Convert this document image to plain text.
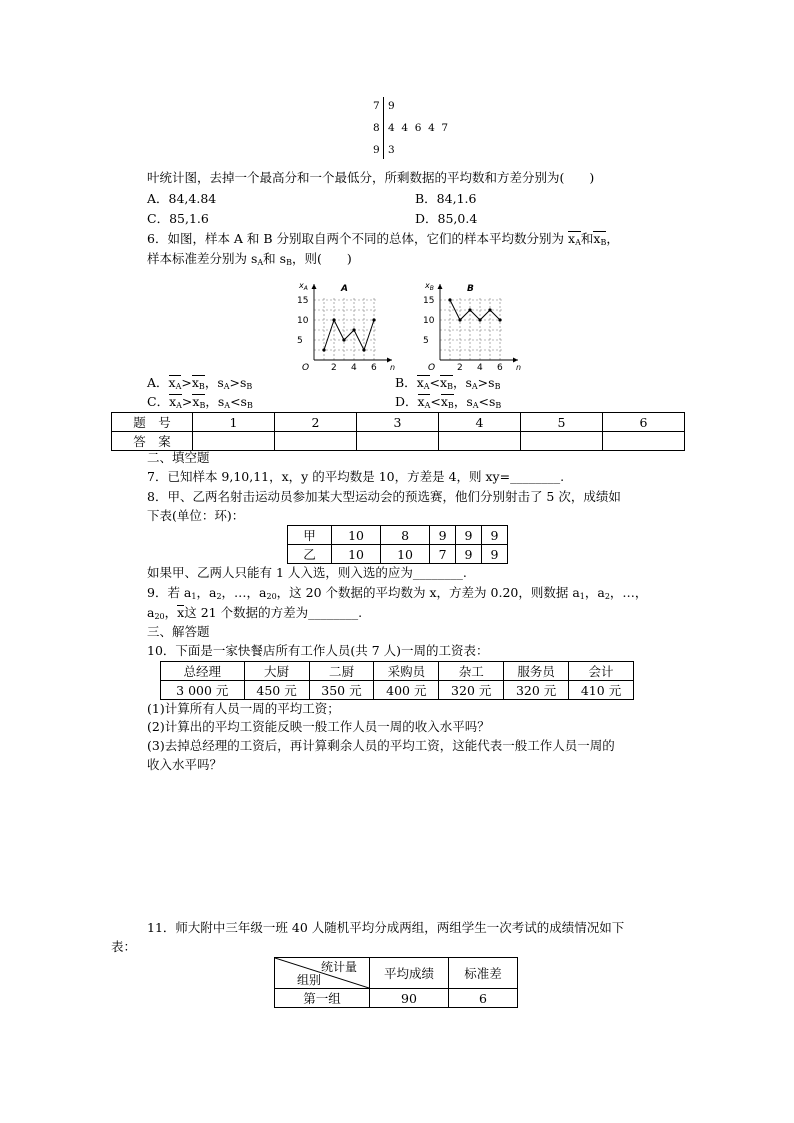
7 9
8 4  4  6  4  7
9 3
叶统计图，去掉一个最高分和一个最低分，所剩数据的平均数和方差分别为(　　)
A．84,4.84	B．84,1.6
C．85,1.6	D．85,0.4
6．如图，样本 A 和 B 分别取自两个不同的总体，它们的样本平均数分别为 $x_A$和$x_B$，
样本标准差分别为 $s_A$和 $s_B$，则(　　)
O	n
$x_A$	A
2 4 6
5
10
15
O	n
$x_B$	B
2 4 6
5
10
15
A．$x_A>x_B$，$s_A>s_B$	B．$x_A<x_B$，$s_A>s_B$
C．$x_A>x_B$，$s_A<s_B$	D．$x_A<x_B$，$s_A<s_B$
题　号	1	2	3	4	5	6
答　案						
二、填空题
7．已知样本 9,10,11，x，y 的平均数是 10，方差是 4，则 xy=________.
8．甲、乙两名射击运动员参加某大型运动会的预选赛，他们分别射击了 5 次，成绩如
下表(单位：环)：
甲	10	8	9	9	9
乙	10	10	7	9	9
如果甲、乙两人只能有 1 人入选，则入选的应为________.
9．若 $a_1$，$a_2$，…，$a_{20}$，这 20 个数据的平均数为 x，方差为 0.20，则数据 $a_1$，$a_2$，…，
$a_{20}$，x这 21 个数据的方差为________.
三、解答题
10．下面是一家快餐店所有工作人员(共 7 人)一周的工资表：
总经理	大厨	二厨	采购员	杂工	服务员	会计
3 000 元	450 元	350 元	400 元	320 元	320 元	410 元
(1)计算所有人员一周的平均工资；
(2)计算出的平均工资能反映一般工作人员一周的收入水平吗？
(3)去掉总经理的工资后，再计算剩余人员的平均工资，这能代表一般工作人员一周的
收入水平吗？
11．师大附中三年级一班 40 人随机平均分成两组，两组学生一次考试的成绩情况如下
表：
统计量
组别	平均成绩	标准差
第一组	90	6
